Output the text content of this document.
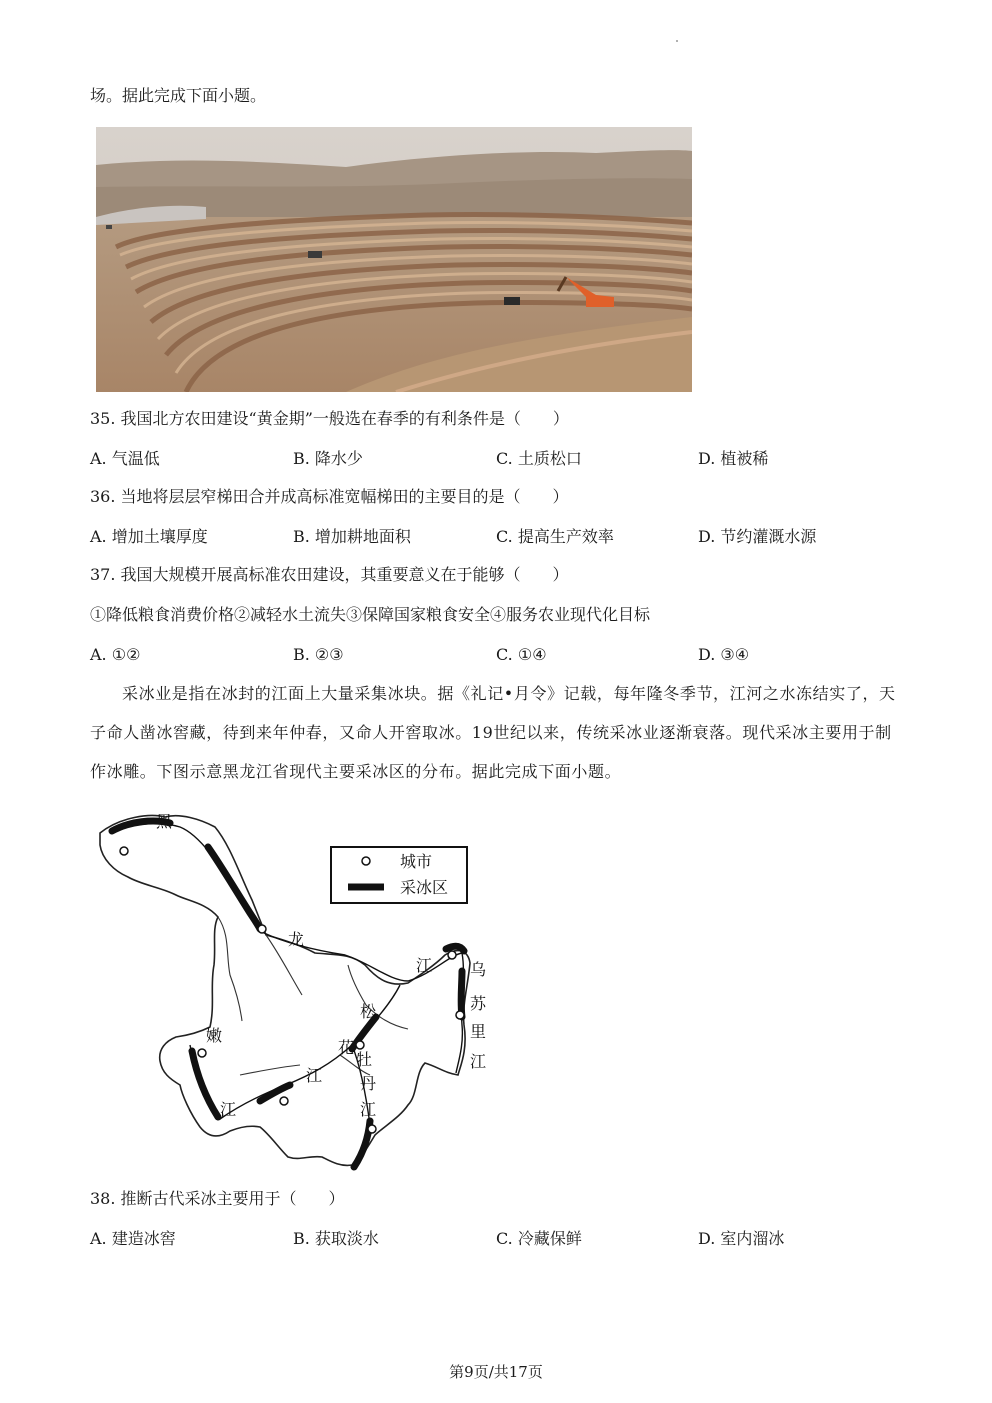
场。据此完成下面小题。
35. 我国北方农田建设“黄金期”一般选在春季的有利条件是（　　）
A. 气温低	B. 降水少	C. 土质松口	D. 植被稀
36. 当地将层层窄梯田合并成高标准宽幅梯田的主要目的是（　　）
A. 增加土壤厚度	B. 增加耕地面积	C. 提高生产效率	D. 节约灌溉水源
37. 我国大规模开展高标准农田建设，其重要意义在于能够（　　）
①降低粮食消费价格②减轻水土流失③保障国家粮食安全④服务农业现代化目标
A. ①②	B. ②③	C. ①④	D. ③④
采冰业是指在冰封的江面上大量采集冰块。据《礼记•月令》记载，每年隆冬季节，江河之水冻结实了，天子命人凿冰窖藏，待到来年仲春，又命人开窖取冰。19世纪以来，传统采冰业逐渐衰落。现代采冰主要用于制作冰雕。下图示意黑龙江省现代主要采冰区的分布。据此完成下面小题。
黑
龙
江 乌
苏
里
江
松
花
江
嫩
江
牡
丹
江
城市
采冰区
38. 推断古代采冰主要用于（　　）
A. 建造冰窖	B. 获取淡水	C. 冷藏保鲜	D. 室内溜冰
第9页/共17页
